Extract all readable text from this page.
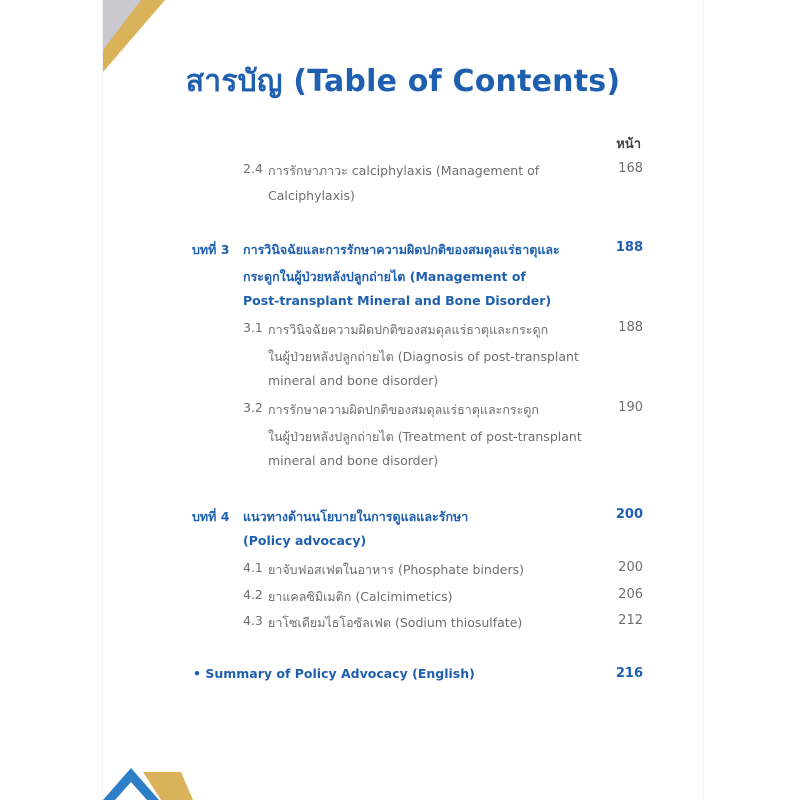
สารบัญ (Table of Contents)
หน้า
2.4 การรักษาภาวะ calciphylaxis (Management of
Calciphylaxis)
168
บทที่ 3 การวินิจฉัยและการรักษาความผิดปกติของสมดุลแร่ธาตุและ
กระดูกในผู้ป่วยหลังปลูกถ่ายไต (Management of
Post-transplant Mineral and Bone Disorder)
188
3.1 การวินิจฉัยความผิดปกติของสมดุลแร่ธาตุและกระดูก
ในผู้ป่วยหลังปลูกถ่ายไต (Diagnosis of post-transplant
mineral and bone disorder)
188
3.2 การรักษาความผิดปกติของสมดุลแร่ธาตุและกระดูก
ในผู้ป่วยหลังปลูกถ่ายไต (Treatment of post-transplant
mineral and bone disorder)
190
บทที่ 4 แนวทางด้านนโยบายในการดูแลและรักษา
(Policy advocacy)
200
4.1 ยาจับฟอสเฟตในอาหาร (Phosphate binders)	200
4.2 ยาแคลซิมิเมติก (Calcimimetics)	206
4.3 ยาโซเดียมไธโอซัลเฟต (Sodium thiosulfate)	212
• Summary of Policy Advocacy (English)	216
